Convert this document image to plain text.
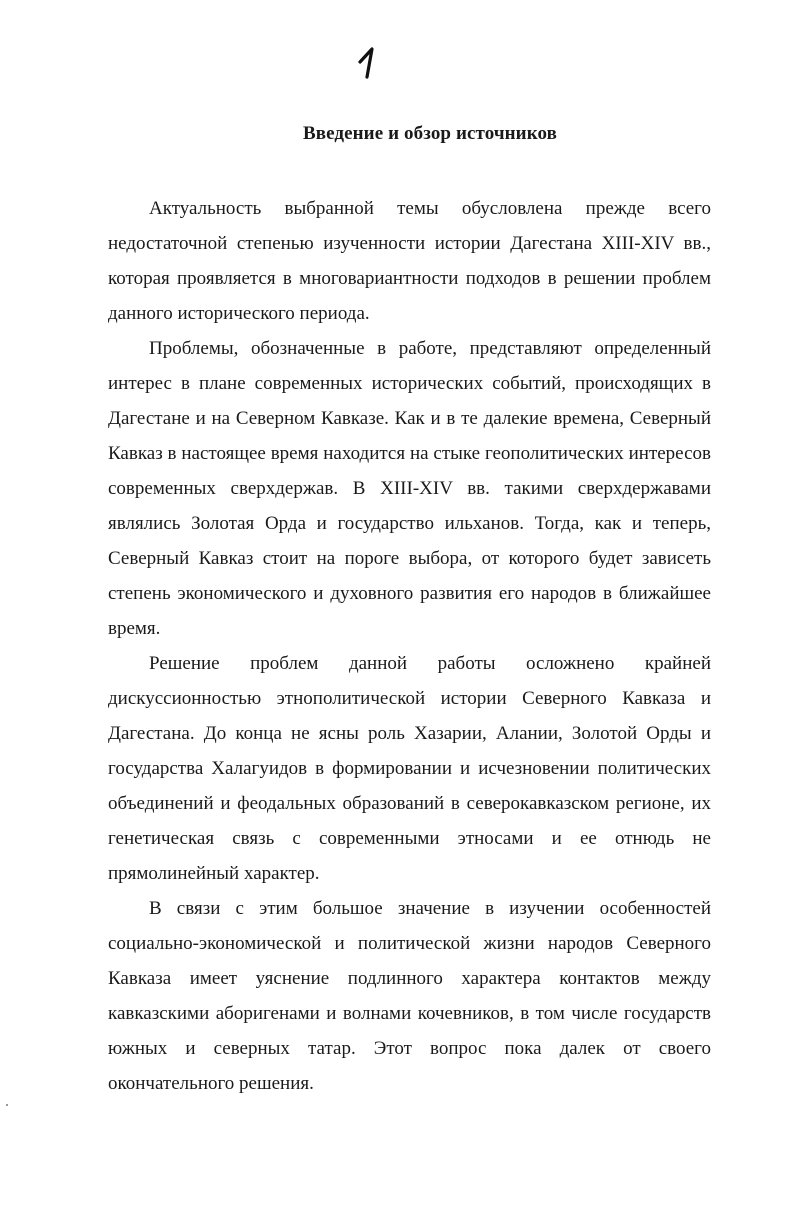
Введение и обзор источников

Актуальность выбранной темы обусловлена прежде всего недостаточной степенью изученности истории Дагестана XIII-XIV вв., которая проявляется в многовариантности подходов в решении проблем данного исторического периода.

Проблемы, обозначенные в работе, представляют определенный интерес в плане современных исторических событий, происходящих в Дагестане и на Северном Кавказе. Как и в те далекие времена, Северный Кавказ в настоящее время находится на стыке геополитических интересов современных сверхдержав. В XIII-XIV вв. такими сверхдержавами являлись Золотая Орда и государство ильханов. Тогда, как и теперь, Северный Кавказ стоит на пороге выбора, от которого будет зависеть степень экономического и духовного развития его народов в ближайшее время.

Решение проблем данной работы осложнено крайней дискуссионностью этнополитической истории Северного Кавказа и Дагестана. До конца не ясны роль Хазарии, Алании, Золотой Орды и государства Халагуидов в формировании и исчезновении политических объединений и феодальных образований в северокавказском регионе, их генетическая связь с современными этносами и ее отнюдь не прямолинейный характер.

В связи с этим большое значение в изучении особенностей социально-экономической и политической жизни народов Северного Кавказа имеет уяснение подлинного характера контактов между кавказскими аборигенами и волнами кочевников, в том числе государств южных и северных татар. Этот вопрос пока далек от своего окончательного решения.
